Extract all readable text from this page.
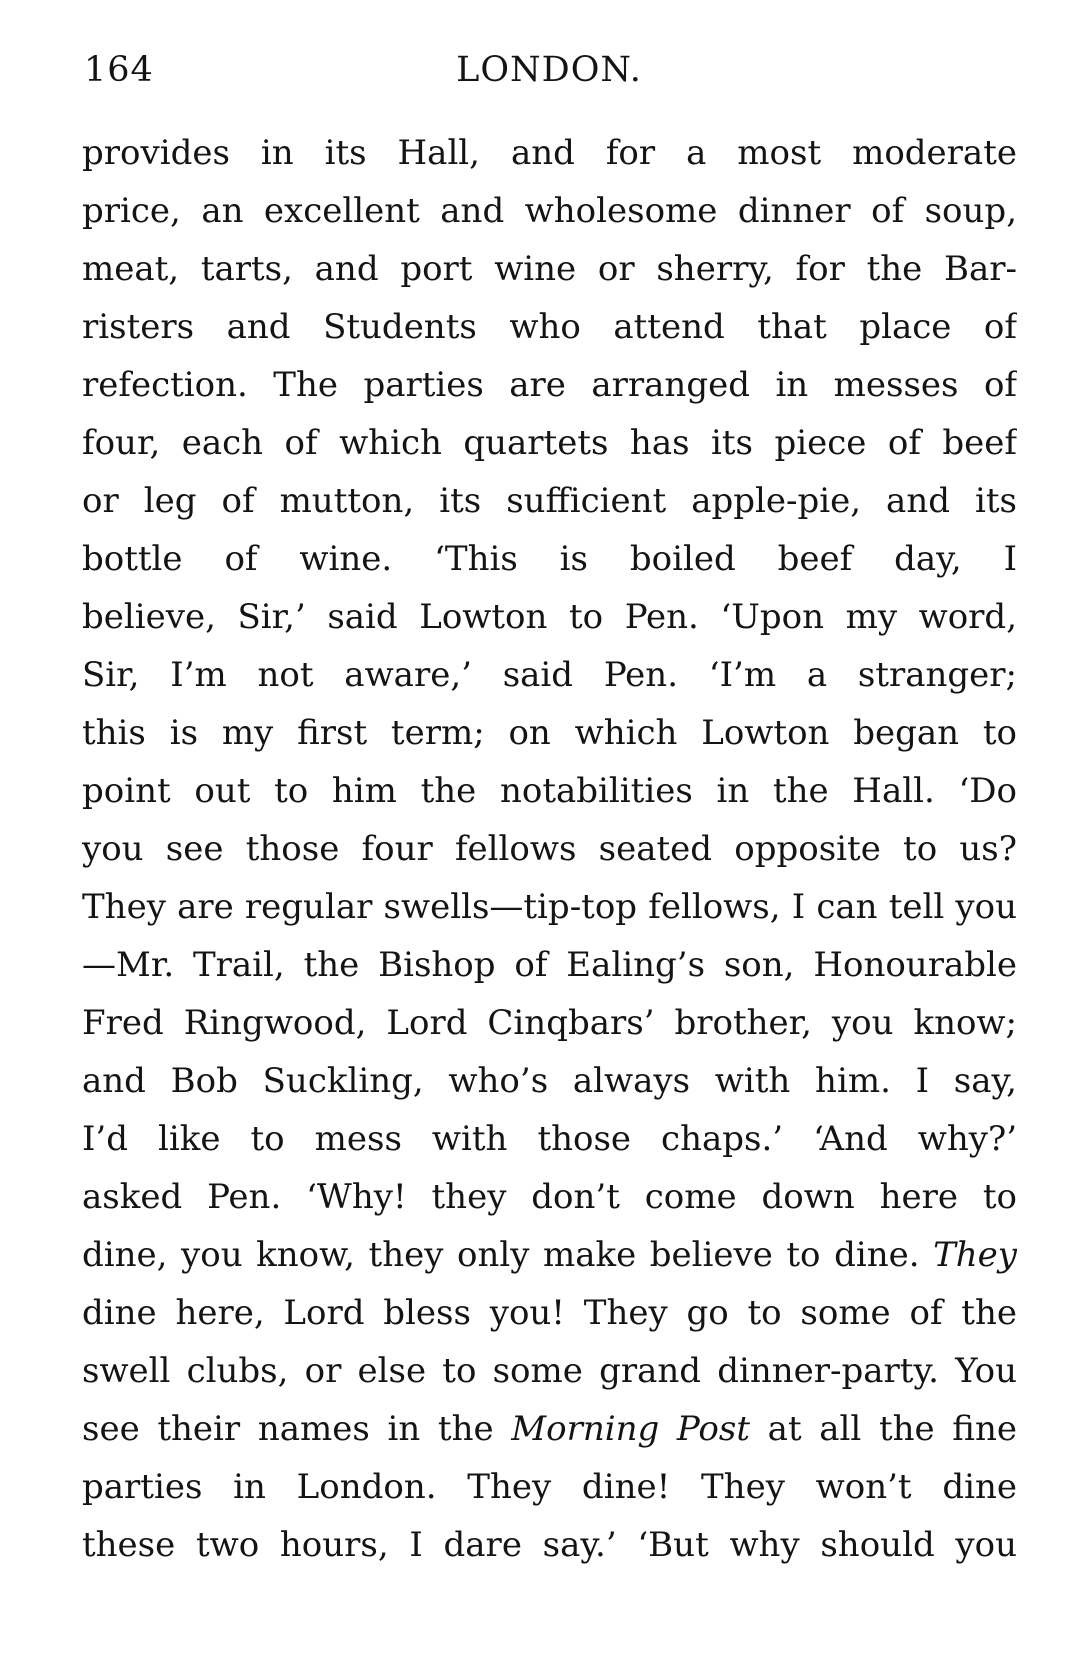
164	LONDON.
provides in its Hall, and for a most moderate
price, an excellent and wholesome dinner of soup,
meat, tarts, and port wine or sherry, for the Bar-
risters and Students who attend that place of
refection. The parties are arranged in messes of
four, each of which quartets has its piece of beef
or leg of mutton, its sufficient apple-pie, and its
bottle of wine. ‘This is boiled beef day, I
believe, Sir,’ said Lowton to Pen. ‘Upon my word,
Sir, I’m not aware,’ said Pen. ‘I’m a stranger;
this is my first term; on which Lowton began to
point out to him the notabilities in the Hall. ‘Do
you see those four fellows seated opposite to us?
They are regular swells—tip-top fellows, I can tell you
—Mr. Trail, the Bishop of Ealing’s son, Honourable
Fred Ringwood, Lord Cinqbars’ brother, you know;
and Bob Suckling, who’s always with him. I say,
I’d like to mess with those chaps.’ ‘And why?’
asked Pen. ‘Why! they don’t come down here to
dine, you know, they only make believe to dine. They
dine here, Lord bless you! They go to some of the
swell clubs, or else to some grand dinner-party. You
see their names in the Morning Post at all the fine
parties in London. They dine! They won’t dine
these two hours, I dare say.’ ‘But why should you
